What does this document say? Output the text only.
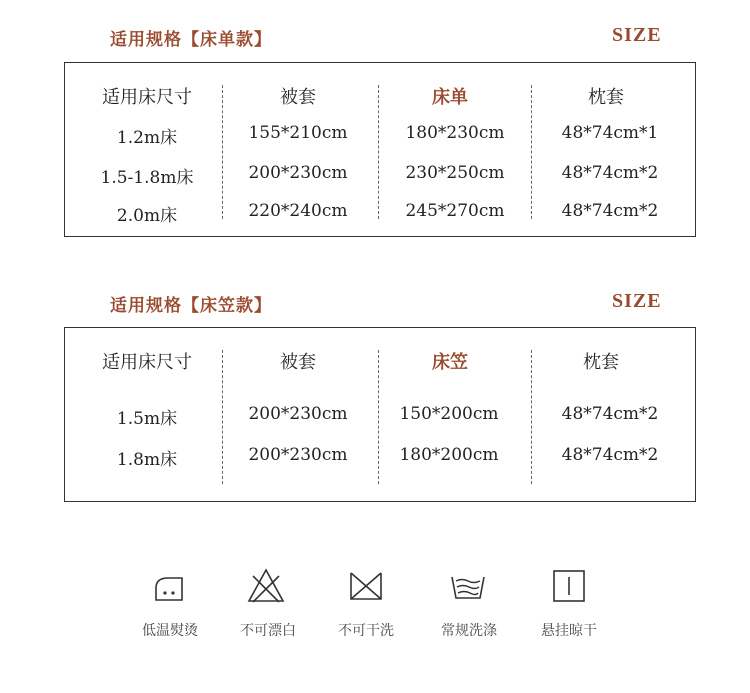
适用规格【床单款】	SIZE
适用床尺寸	被套	床单	枕套
1.2m床	155*210cm	180*230cm	48*74cm*1
1.5-1.8m床	200*230cm	230*250cm	48*74cm*2
2.0m床	220*240cm	245*270cm	48*74cm*2
适用规格【床笠款】	SIZE
适用床尺寸	被套	床笠	枕套
1.5m床	200*230cm	150*200cm	48*74cm*2
1.8m床	200*230cm	180*200cm	48*74cm*2
低温熨烫	不可漂白	不可干洗	常规洗涤	悬挂晾干
